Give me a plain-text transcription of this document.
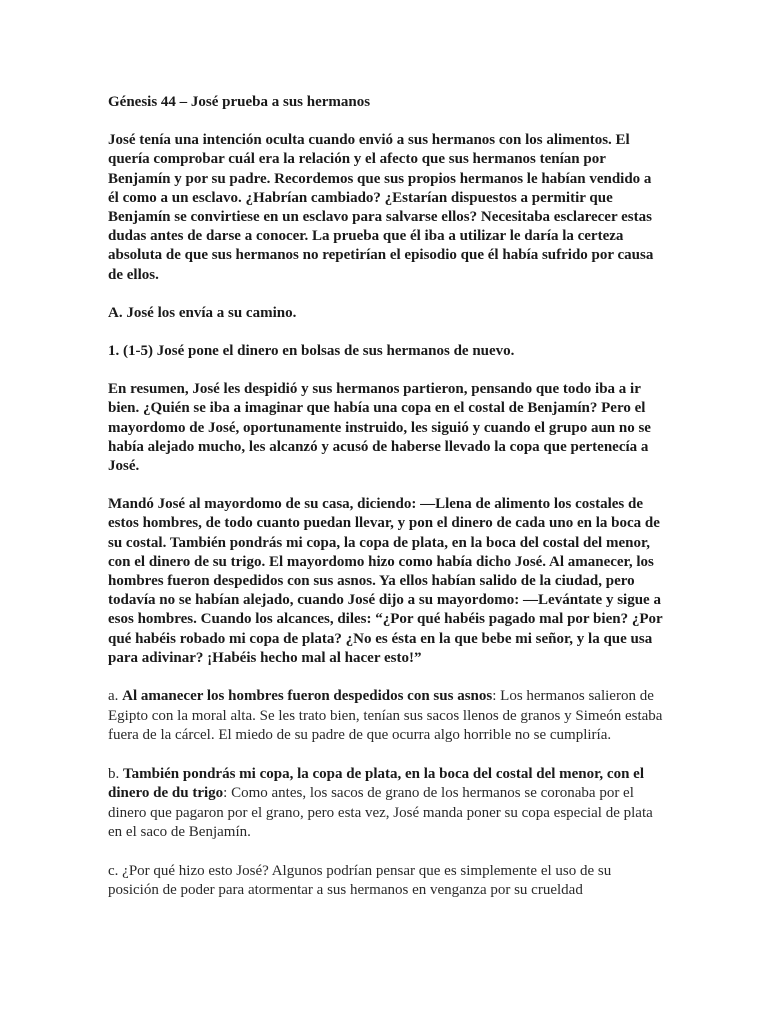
Génesis 44 – José prueba a sus hermanos

José tenía una intención oculta cuando envió a sus hermanos con los alimentos. El quería comprobar cuál era la relación y el afecto que sus hermanos tenían por Benjamín y por su padre. Recordemos que sus propios hermanos le habían vendido a él como a un esclavo. ¿Habrían cambiado? ¿Estarían dispuestos a permitir que Benjamín se convirtiese en un esclavo para salvarse ellos? Necesitaba esclarecer estas dudas antes de darse a conocer. La prueba que él iba a utilizar le daría la certeza absoluta de que sus hermanos no repetirían el episodio que él había sufrido por causa de ellos.

A. José los envía a su camino.

1. (1-5) José pone el dinero en bolsas de sus hermanos de nuevo.

En resumen, José les despidió y sus hermanos partieron, pensando que todo iba a ir bien. ¿Quién se iba a imaginar que había una copa en el costal de Benjamín? Pero el mayordomo de José, oportunamente instruido, les siguió y cuando el grupo aun no se había alejado mucho, les alcanzó y acusó de haberse llevado la copa que pertenecía a José.

Mandó José al mayordomo de su casa, diciendo: —Llena de alimento los costales de estos hombres, de todo cuanto puedan llevar, y pon el dinero de cada uno en la boca de su costal. También pondrás mi copa, la copa de plata, en la boca del costal del menor, con el dinero de su trigo. El mayordomo hizo como había dicho José. Al amanecer, los hombres fueron despedidos con sus asnos. Ya ellos habían salido de la ciudad, pero todavía no se habían alejado, cuando José dijo a su mayordomo: —Levántate y sigue a esos hombres. Cuando los alcances, diles: “¿Por qué habéis pagado mal por bien? ¿Por qué habéis robado mi copa de plata? ¿No es ésta en la que bebe mi señor, y la que usa para adivinar? ¡Habéis hecho mal al hacer esto!”

a. Al amanecer los hombres fueron despedidos con sus asnos: Los hermanos salieron de Egipto con la moral alta. Se les trato bien, tenían sus sacos llenos de granos y Simeón estaba fuera de la cárcel. El miedo de su padre de que ocurra algo horrible no se cumpliría.

b. También pondrás mi copa, la copa de plata, en la boca del costal del menor, con el dinero de du trigo: Como antes, los sacos de grano de los hermanos se coronaba por el dinero que pagaron por el grano, pero esta vez, José manda poner su copa especial de plata en el saco de Benjamín.

c. ¿Por qué hizo esto José? Algunos podrían pensar que es simplemente el uso de su posición de poder para atormentar a sus hermanos en venganza por su crueldad
